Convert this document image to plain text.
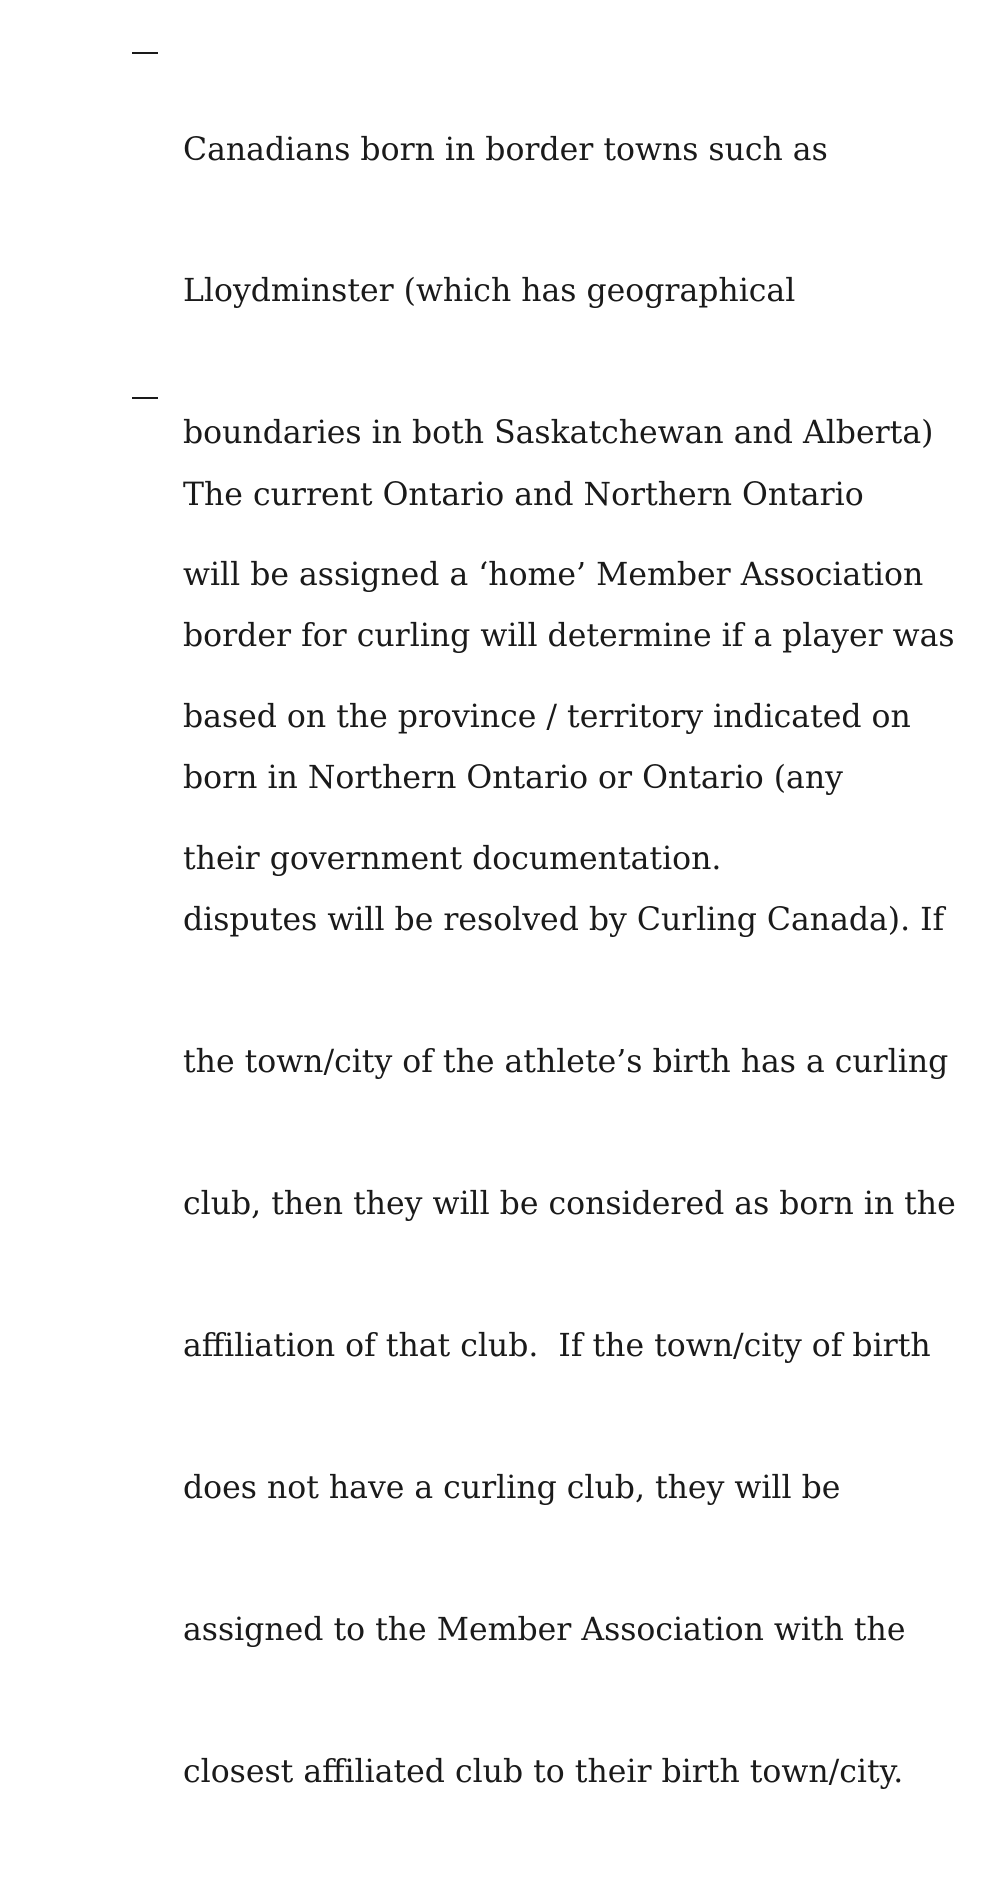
Canadians born in border towns such as

Lloydminster (which has geographical

boundaries in both Saskatchewan and Alberta)

will be assigned a ‘home’ Member Association

based on the province / territory indicated on

their government documentation.

The current Ontario and Northern Ontario

border for curling will determine if a player was

born in Northern Ontario or Ontario (any

disputes will be resolved by Curling Canada). If

the town/city of the athlete’s birth has a curling

club, then they will be considered as born in the

affiliation of that club.  If the town/city of birth

does not have a curling club, they will be

assigned to the Member Association with the

closest affiliated club to their birth town/city.
